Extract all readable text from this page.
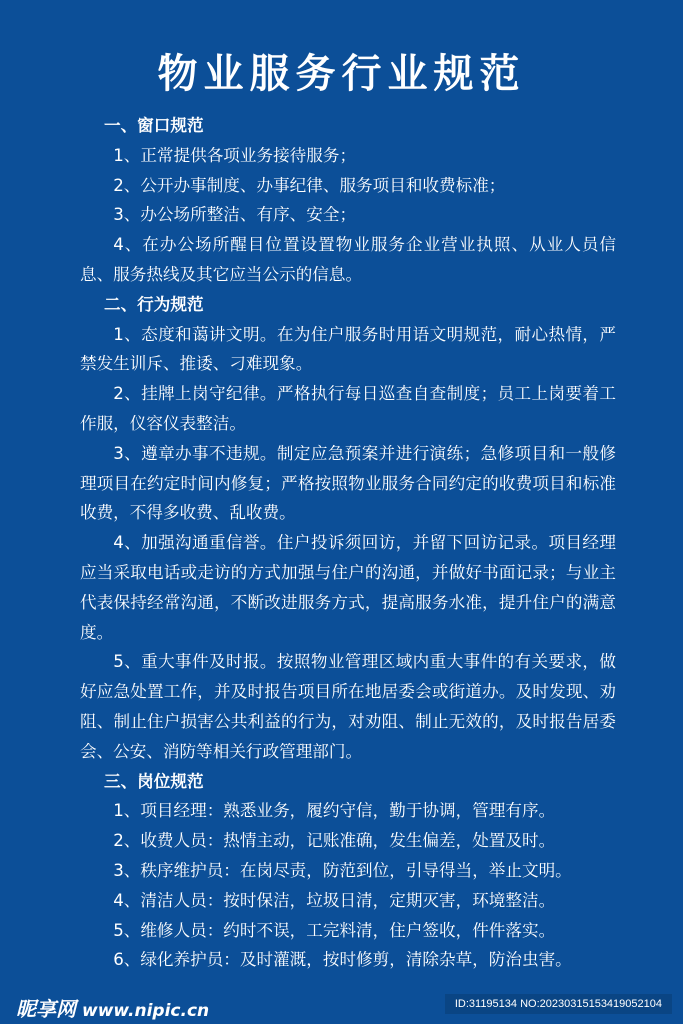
物业服务行业规范
一、窗口规范

1、正常提供各项业务接待服务；

2、公开办事制度、办事纪律、服务项目和收费标准；

3、办公场所整洁、有序、安全；

4、在办公场所醒目位置设置物业服务企业营业执照、从业人员信息、服务热线及其它应当公示的信息。

二、行为规范

1、态度和蔼讲文明。在为住户服务时用语文明规范，耐心热情，严禁发生训斥、推诿、刁难现象。

2、挂牌上岗守纪律。严格执行每日巡查自查制度；员工上岗要着工作服，仪容仪表整洁。

3、遵章办事不违规。制定应急预案并进行演练；急修项目和一般修理项目在约定时间内修复；严格按照物业服务合同约定的收费项目和标准收费，不得多收费、乱收费。

4、加强沟通重信誉。住户投诉须回访，并留下回访记录。项目经理应当采取电话或走访的方式加强与住户的沟通，并做好书面记录；与业主代表保持经常沟通，不断改进服务方式，提高服务水准，提升住户的满意度。

5、重大事件及时报。按照物业管理区域内重大事件的有关要求，做好应急处置工作，并及时报告项目所在地居委会或街道办。及时发现、劝阻、制止住户损害公共利益的行为，对劝阻、制止无效的，及时报告居委会、公安、消防等相关行政管理部门。

三、岗位规范

1、项目经理：熟悉业务，履约守信，勤于协调，管理有序。

2、收费人员：热情主动，记账准确，发生偏差，处置及时。

3、秩序维护员：在岗尽责，防范到位，引导得当，举止文明。

4、清洁人员：按时保洁，垃圾日清，定期灭害，环境整洁。

5、维修人员：约时不误，工完料清，住户签收，件件落实。

6、绿化养护员：及时灌溉，按时修剪，清除杂草，防治虫害。

昵享网 www.nipic.cn	ID:31195134 NO:20230315153419052104
